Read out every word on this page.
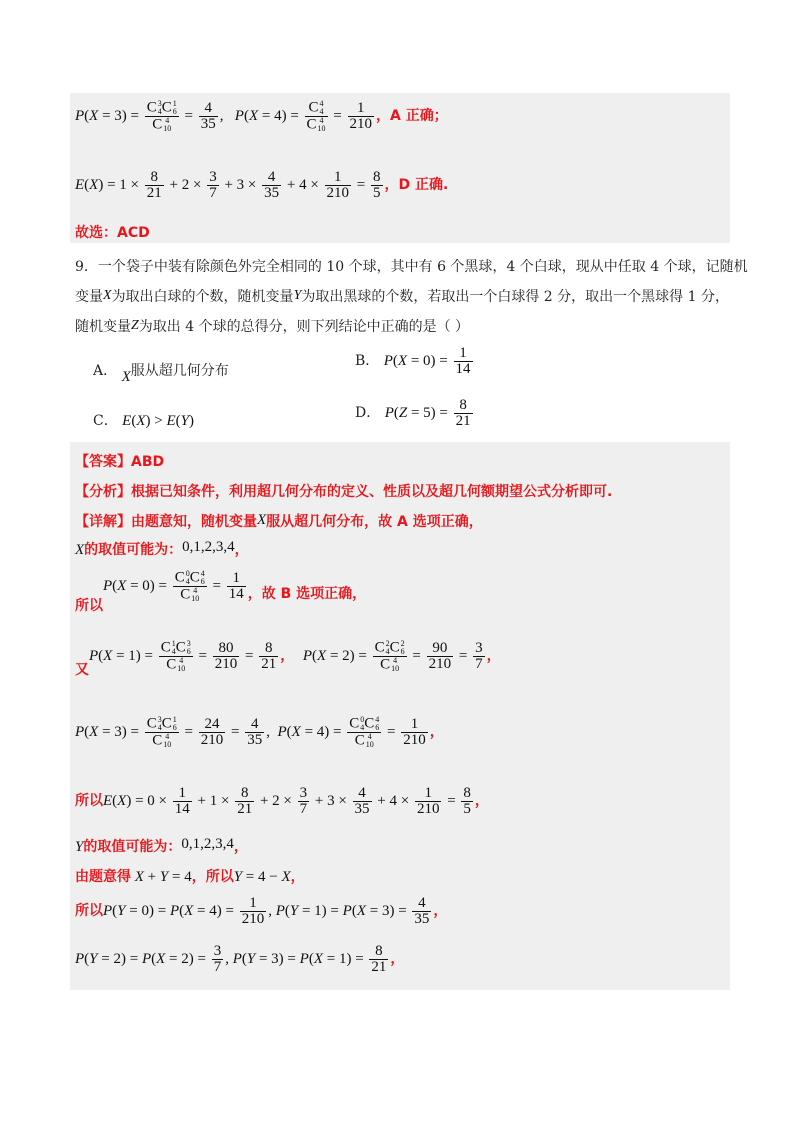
P(X = 3) = C 3
4 C 1
6
C 4
$10 = \frac{4}{35}$ ,   P(X = 4) = C 4
4
C 4
$10 = \frac{1}{210}$ ，A 正确；
$E(X) = 1 \times \frac{8}{21} + 2 \times \frac{3}{7} + 3 \times \frac{4}{35} + 4 \times \frac{1}{210} = \frac{8}{5}$ ，D 正确.
故选：ACD
9．一个袋子中装有除颜色外完全相同的 10 个球，其中有 6 个黑球，4 个白球，现从中任取 4 个球，记随机
变量X为取出白球的个数，随机变量Y为取出黑球的个数，若取出一个白球得 2 分，取出一个黑球得 1 分，
随机变量Z为取出 4 个球的总得分，则下列结论中正确的是（ ）
A． X服从超几何分布
B． $P(X = 0) = \frac{1}{14}$
C． E(X) > E(Y)
D． $P(Z = 5) = \frac{8}{21}$
【答案】ABD
【分析】根据已知条件，利用超几何分布的定义、性质以及超几何额期望公式分析即可.
【详解】由题意知，随机变量X服从超几何分布，故 A 选项正确，
X的取值可能为：0,1,2,3,4，
所以P(X = 0) = C 0
4 C 4
6
C 4
$10 = \frac{1}{14}$ ，故 B 选项正确，
又P(X = 1) = C 1
4 C 3
6
C 4
$10 = \frac{80}{210} = \frac{8}{21}$ ， P(X = 2) = C 2
4 C 2
6
C 4
$10 = \frac{90}{210} = \frac{3}{7}$ ，
P(X = 3) = C 3
4 C 1
6
C 4
$10 = \frac{24}{210} = \frac{4}{35}$ ,  P(X = 4) = C 0
4 C 4
6
C 4
$10 = \frac{1}{210}$ ，
所以$E(X) = 0 \times \frac{1}{14} + 1 \times \frac{8}{21} + 2 \times \frac{3}{7} + 3 \times \frac{4}{35} + 4 \times \frac{1}{210} = \frac{8}{5}$ ，
Y的取值可能为：0,1,2,3,4，
由题意得 X + Y = 4，所以Y = 4 − X，
所以$P(Y = 0) = P(X = 4) = \frac{1}{210}$ , $P(Y = 1) = P(X = 3) = \frac{4}{35}$ ，
$P(Y = 2) = P(X = 2) = \frac{3}{7}$ , $P(Y = 3) = P(X = 1) = \frac{8}{21}$ ，
